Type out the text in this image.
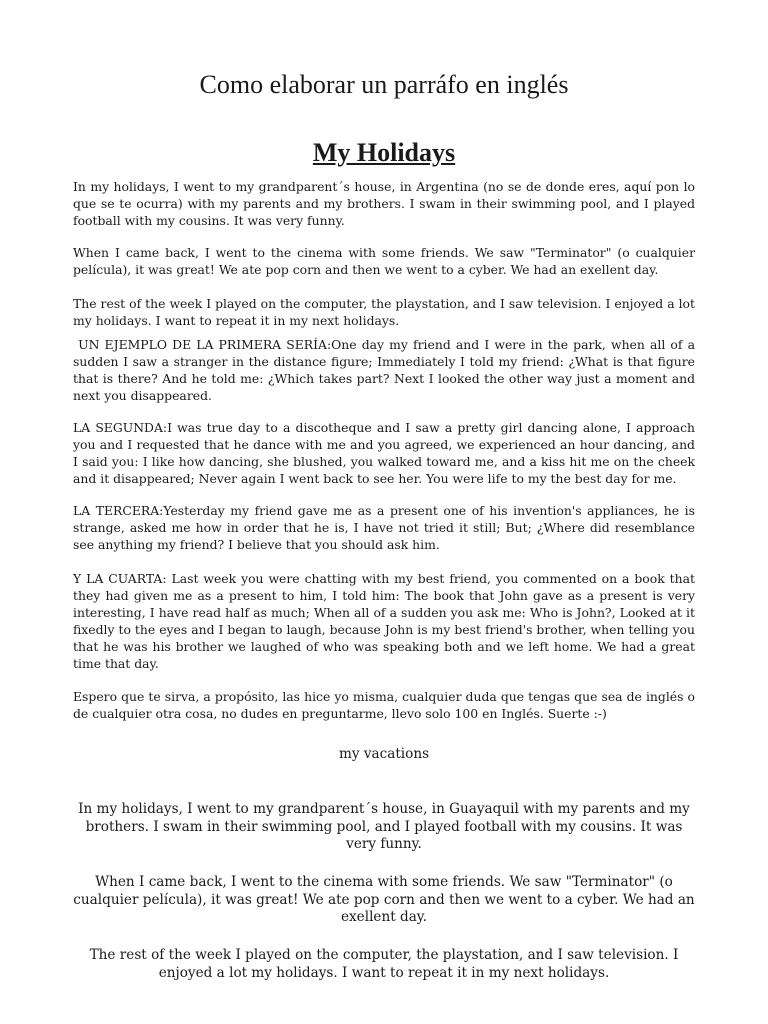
Como elaborar un parráfo en inglés
My Holidays

In my holidays, I went to my grandparent´s house, in Argentina (no se de donde eres, aquí pon lo que se te ocurra) with my parents and my brothers. I swam in their swimming pool, and I played football with my cousins. It was very funny.

When I came back, I went to the cinema with some friends. We saw "Terminator" (o cualquier película), it was great! We ate pop corn and then we went to a cyber. We had an exellent day.

The rest of the week I played on the computer, the playstation, and I saw television. I enjoyed a lot my holidays. I want to repeat it in my next holidays.

UN EJEMPLO DE LA PRIMERA SERÍA:One day my friend and I were in the park, when all of a sudden I saw a stranger in the distance figure; Immediately I told my friend: ¿What is that figure that is there? And he told me: ¿Which takes part? Next I looked the other way just a moment and next you disappeared.

LA SEGUNDA:I was true day to a discotheque and I saw a pretty girl dancing alone, I approach you and I requested that he dance with me and you agreed, we experienced an hour dancing, and I said you: I like how dancing, she blushed, you walked toward me, and a kiss hit me on the cheek and it disappeared; Never again I went back to see her. You were life to my the best day for me.

LA TERCERA:Yesterday my friend gave me as a present one of his invention's appliances, he is strange, asked me how in order that he is, I have not tried it still; But; ¿Where did resemblance see anything my friend? I believe that you should ask him.

Y LA CUARTA: Last week you were chatting with my best friend, you commented on a book that they had given me as a present to him, I told him: The book that John gave as a present is very interesting, I have read half as much; When all of a sudden you ask me: Who is John?, Looked at it fixedly to the eyes and I began to laugh, because John is my best friend's brother, when telling you that he was his brother we laughed of who was speaking both and we left home. We had a great time that day.

Espero que te sirva, a propósito, las hice yo misma, cualquier duda que tengas que sea de inglés o de cualquier otra cosa, no dudes en preguntarme, llevo solo 100 en Inglés. Suerte :-)

my vacations

In my holidays, I went to my grandparent´s house, in Guayaquil with my parents and my brothers. I swam in their swimming pool, and I played football with my cousins. It was very funny.

When I came back, I went to the cinema with some friends. We saw "Terminator" (o cualquier película), it was great! We ate pop corn and then we went to a cyber. We had an exellent day.

The rest of the week I played on the computer, the playstation, and I saw television. I enjoyed a lot my holidays. I want to repeat it in my next holidays.
